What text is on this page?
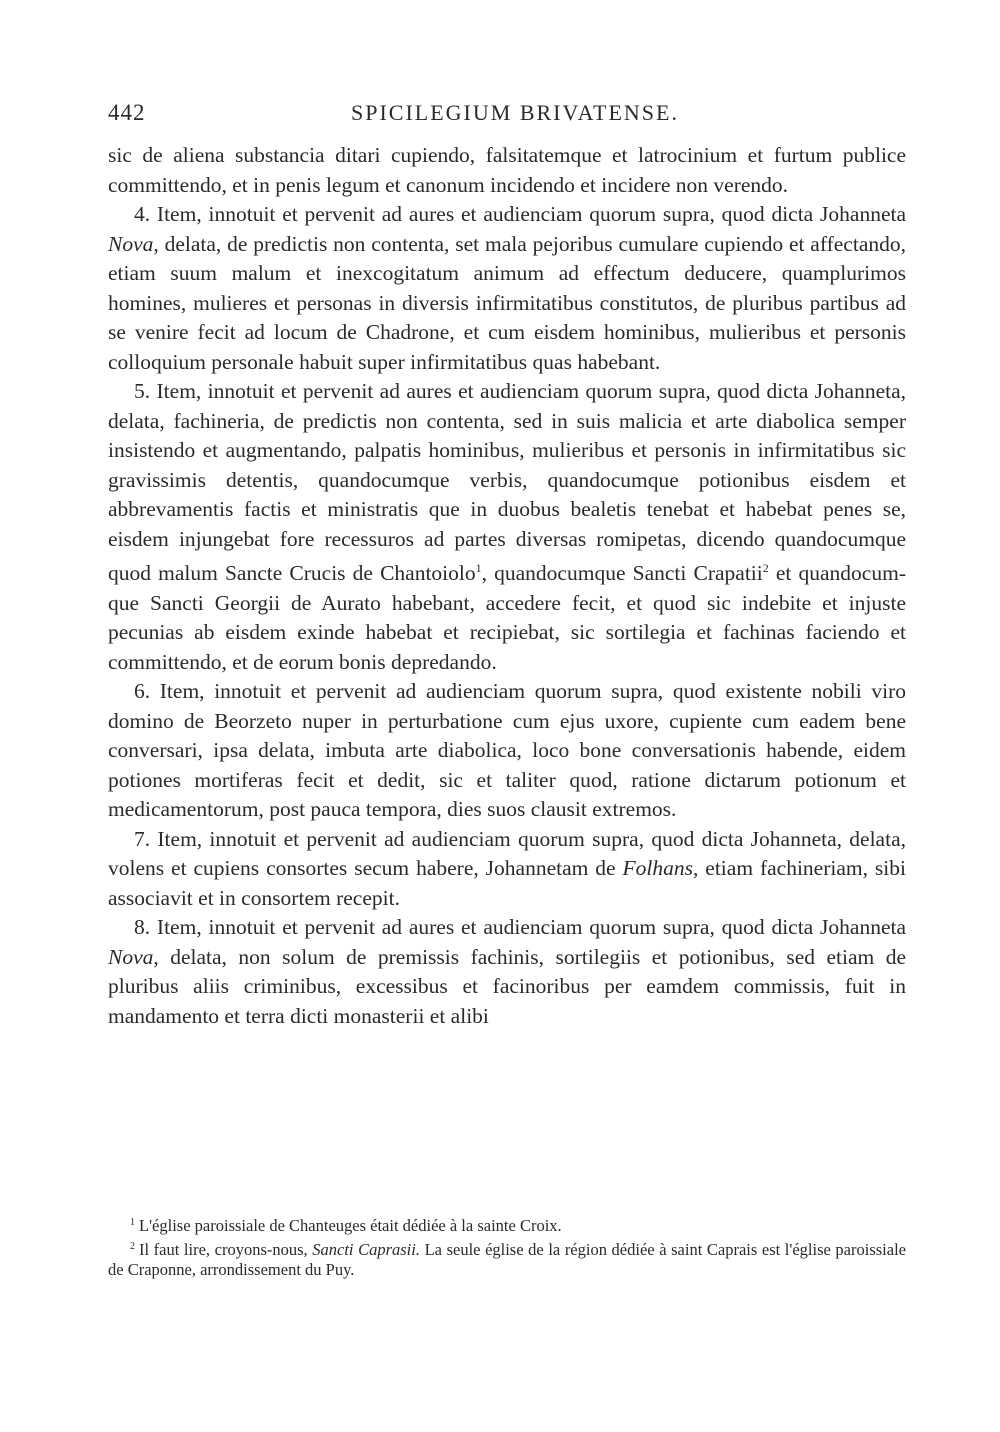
442	SPICILEGIUM BRIVATENSE.

sic de aliena substancia ditari cupiendo, falsitatemque et latrocinium et furtum publice committendo, et in penis legum et canonum incidendo et incidere non verendo.

4. Item, innotuit et pervenit ad aures et audienciam quorum supra, quod dicta Johanneta Nova, delata, de predictis non contenta, set mala pejoribus cumulare cupiendo et affectando, etiam suum malum et inexcogitatum animum ad effectum deducere, quamplurimos homines, mulieres et personas in diversis infirmitatibus constitutos, de pluribus partibus ad se venire fecit ad locum de Chadrone, et cum eisdem hominibus, mulieribus et personis colloquium personale habuit super infirmitatibus quas habebant.

5. Item, innotuit et pervenit ad aures et audienciam quorum supra, quod dicta Johanneta, delata, fachineria, de predictis non contenta, sed in suis malicia et arte diabolica semper insistendo et augmentando, palpatis hominibus, mulieribus et personis in infirmitatibus sic gravissimis detentis, quandocumque verbis, quandocumque potionibus eisdem et abbrevamentis factis et ministratis que in duobus bealetis tenebat et habebat penes se, eisdem injungebat fore recessuros ad partes diversas romipetas, dicendo quandocumque quod malum Sancte Crucis de Chantoiolo$^1$, quandocumque Sancti Crapatii$^2$ et quandocumque Sancti Georgii de Aurato habebant, accedere fecit, et quod sic indebite et injuste pecunias ab eisdem exinde habebat et recipiebat, sic sortilegia et fachinas faciendo et committendo, et de eorum bonis depredando.

6. Item, innotuit et pervenit ad audienciam quorum supra, quod existente nobili viro domino de Beorzeto nuper in perturbatione cum ejus uxore, cupiente cum eadem bene conversari, ipsa delata, imbuta arte diabolica, loco bone conversationis habende, eidem potiones mortiferas fecit et dedit, sic et taliter quod, ratione dictarum potionum et medicamentorum, post pauca tempora, dies suos clausit extremos.

7. Item, innotuit et pervenit ad audienciam quorum supra, quod dicta Johanneta, delata, volens et cupiens consortes secum habere, Johannetam de Folhans, etiam fachineriam, sibi associavit et in consortem recepit.

8. Item, innotuit et pervenit ad aures et audienciam quorum supra, quod dicta Johanneta Nova, delata, non solum de premissis fachinis, sortilegiis et potionibus, sed etiam de pluribus aliis criminibus, excessibus et facinoribus per eamdem commissis, fuit in mandamento et terra dicti monasterii et alibi

$^1$ L'église paroissiale de Chanteuges était dédiée à la sainte Croix.

$^2$ Il faut lire, croyons-nous, Sancti Caprasii. La seule église de la région dédiée à saint Caprais est l'église paroissiale de Craponne, arrondissement du Puy.
